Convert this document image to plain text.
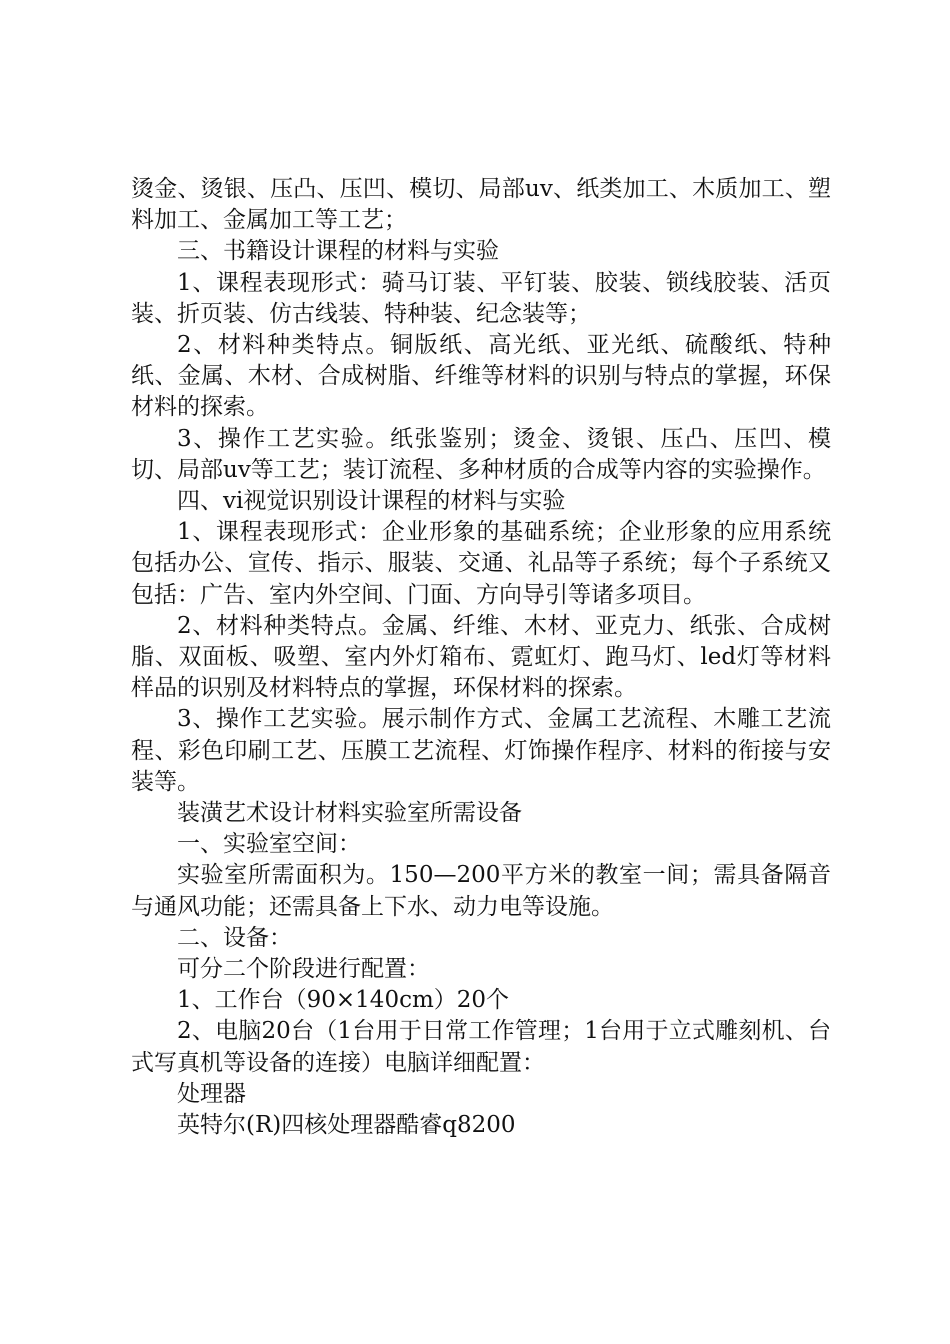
烫金、烫银、压凸、压凹、模切、局部uv、纸类加工、木质加工、塑料加工、金属加工等工艺；

三、书籍设计课程的材料与实验

1、课程表现形式：骑马订装、平钉装、胶装、锁线胶装、活页装、折页装、仿古线装、特种装、纪念装等；

2、材料种类特点。铜版纸、高光纸、亚光纸、硫酸纸、特种纸、金属、木材、合成树脂、纤维等材料的识别与特点的掌握，环保材料的探索。

3、操作工艺实验。纸张鉴别；烫金、烫银、压凸、压凹、模切、局部uv等工艺；装订流程、多种材质的合成等内容的实验操作。

四、vi视觉识别设计课程的材料与实验

1、课程表现形式：企业形象的基础系统；企业形象的应用系统包括办公、宣传、指示、服装、交通、礼品等子系统；每个子系统又包括：广告、室内外空间、门面、方向导引等诸多项目。

2、材料种类特点。金属、纤维、木材、亚克力、纸张、合成树脂、双面板、吸塑、室内外灯箱布、霓虹灯、跑马灯、led灯等材料样品的识别及材料特点的掌握，环保材料的探索。

3、操作工艺实验。展示制作方式、金属工艺流程、木雕工艺流程、彩色印刷工艺、压膜工艺流程、灯饰操作程序、材料的衔接与安装等。

装潢艺术设计材料实验室所需设备

一、实验室空间：

实验室所需面积为。150—200平方米的教室一间；需具备隔音与通风功能；还需具备上下水、动力电等设施。

二、设备：

可分二个阶段进行配置：

1、工作台（90×140cm）20个

2、电脑20台（1台用于日常工作管理；1台用于立式雕刻机、台式写真机等设备的连接）电脑详细配置：

处理器

英特尔(R)四核处理器酷睿q8200
